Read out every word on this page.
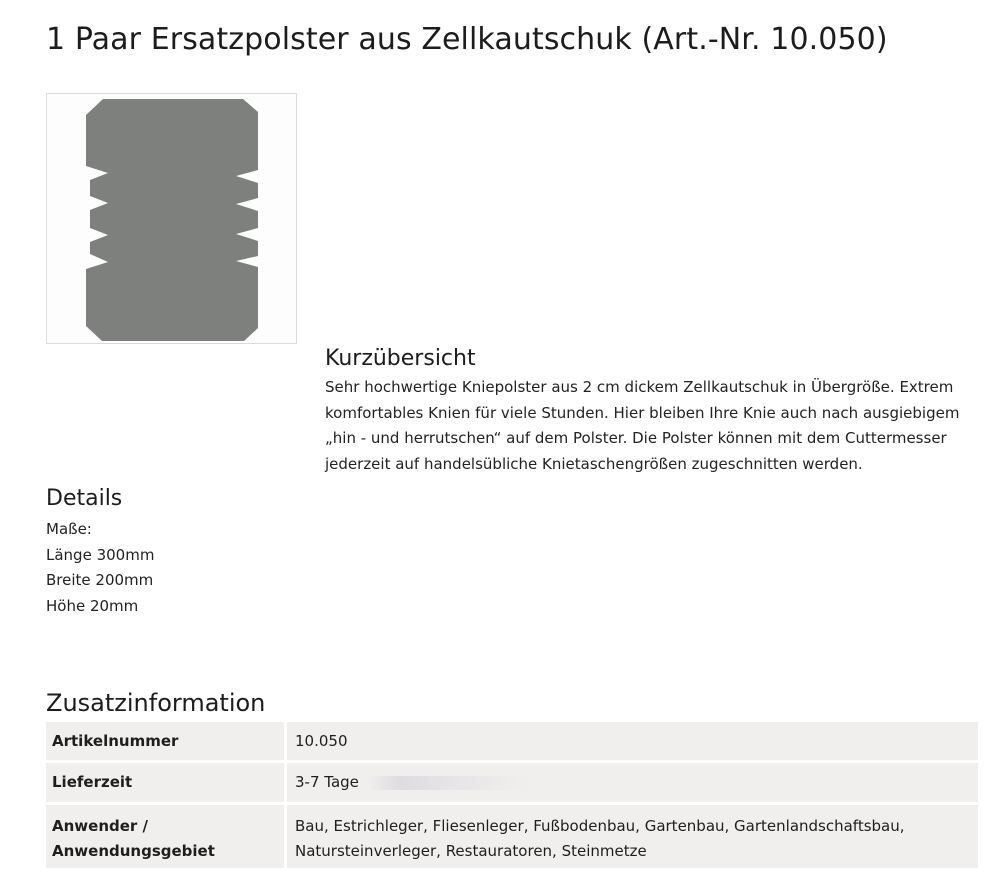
1 Paar Ersatzpolster aus Zellkautschuk (Art.-Nr. 10.050)
Kurzübersicht

Sehr hochwertige Kniepolster aus 2 cm dickem Zellkautschuk in Übergröße. Extrem
komfortables Knien für viele Stunden. Hier bleiben Ihre Knie auch nach ausgiebigem
„hin - und herrutschen“ auf dem Polster. Die Polster können mit dem Cuttermesser
jederzeit auf handelsübliche Knietaschengrößen zugeschnitten werden.

Details
Maße:
Länge 300mm
Breite 200mm
Höhe 20mm
Zusatzinformation
Artikelnummer	10.050
Lieferzeit	3-7 Tage
Anwender /
Anwendungsgebiet	Bau, Estrichleger, Fliesenleger, Fußbodenbau, Gartenbau, Gartenlandschaftsbau,
Natursteinverleger, Restauratoren, Steinmetze
